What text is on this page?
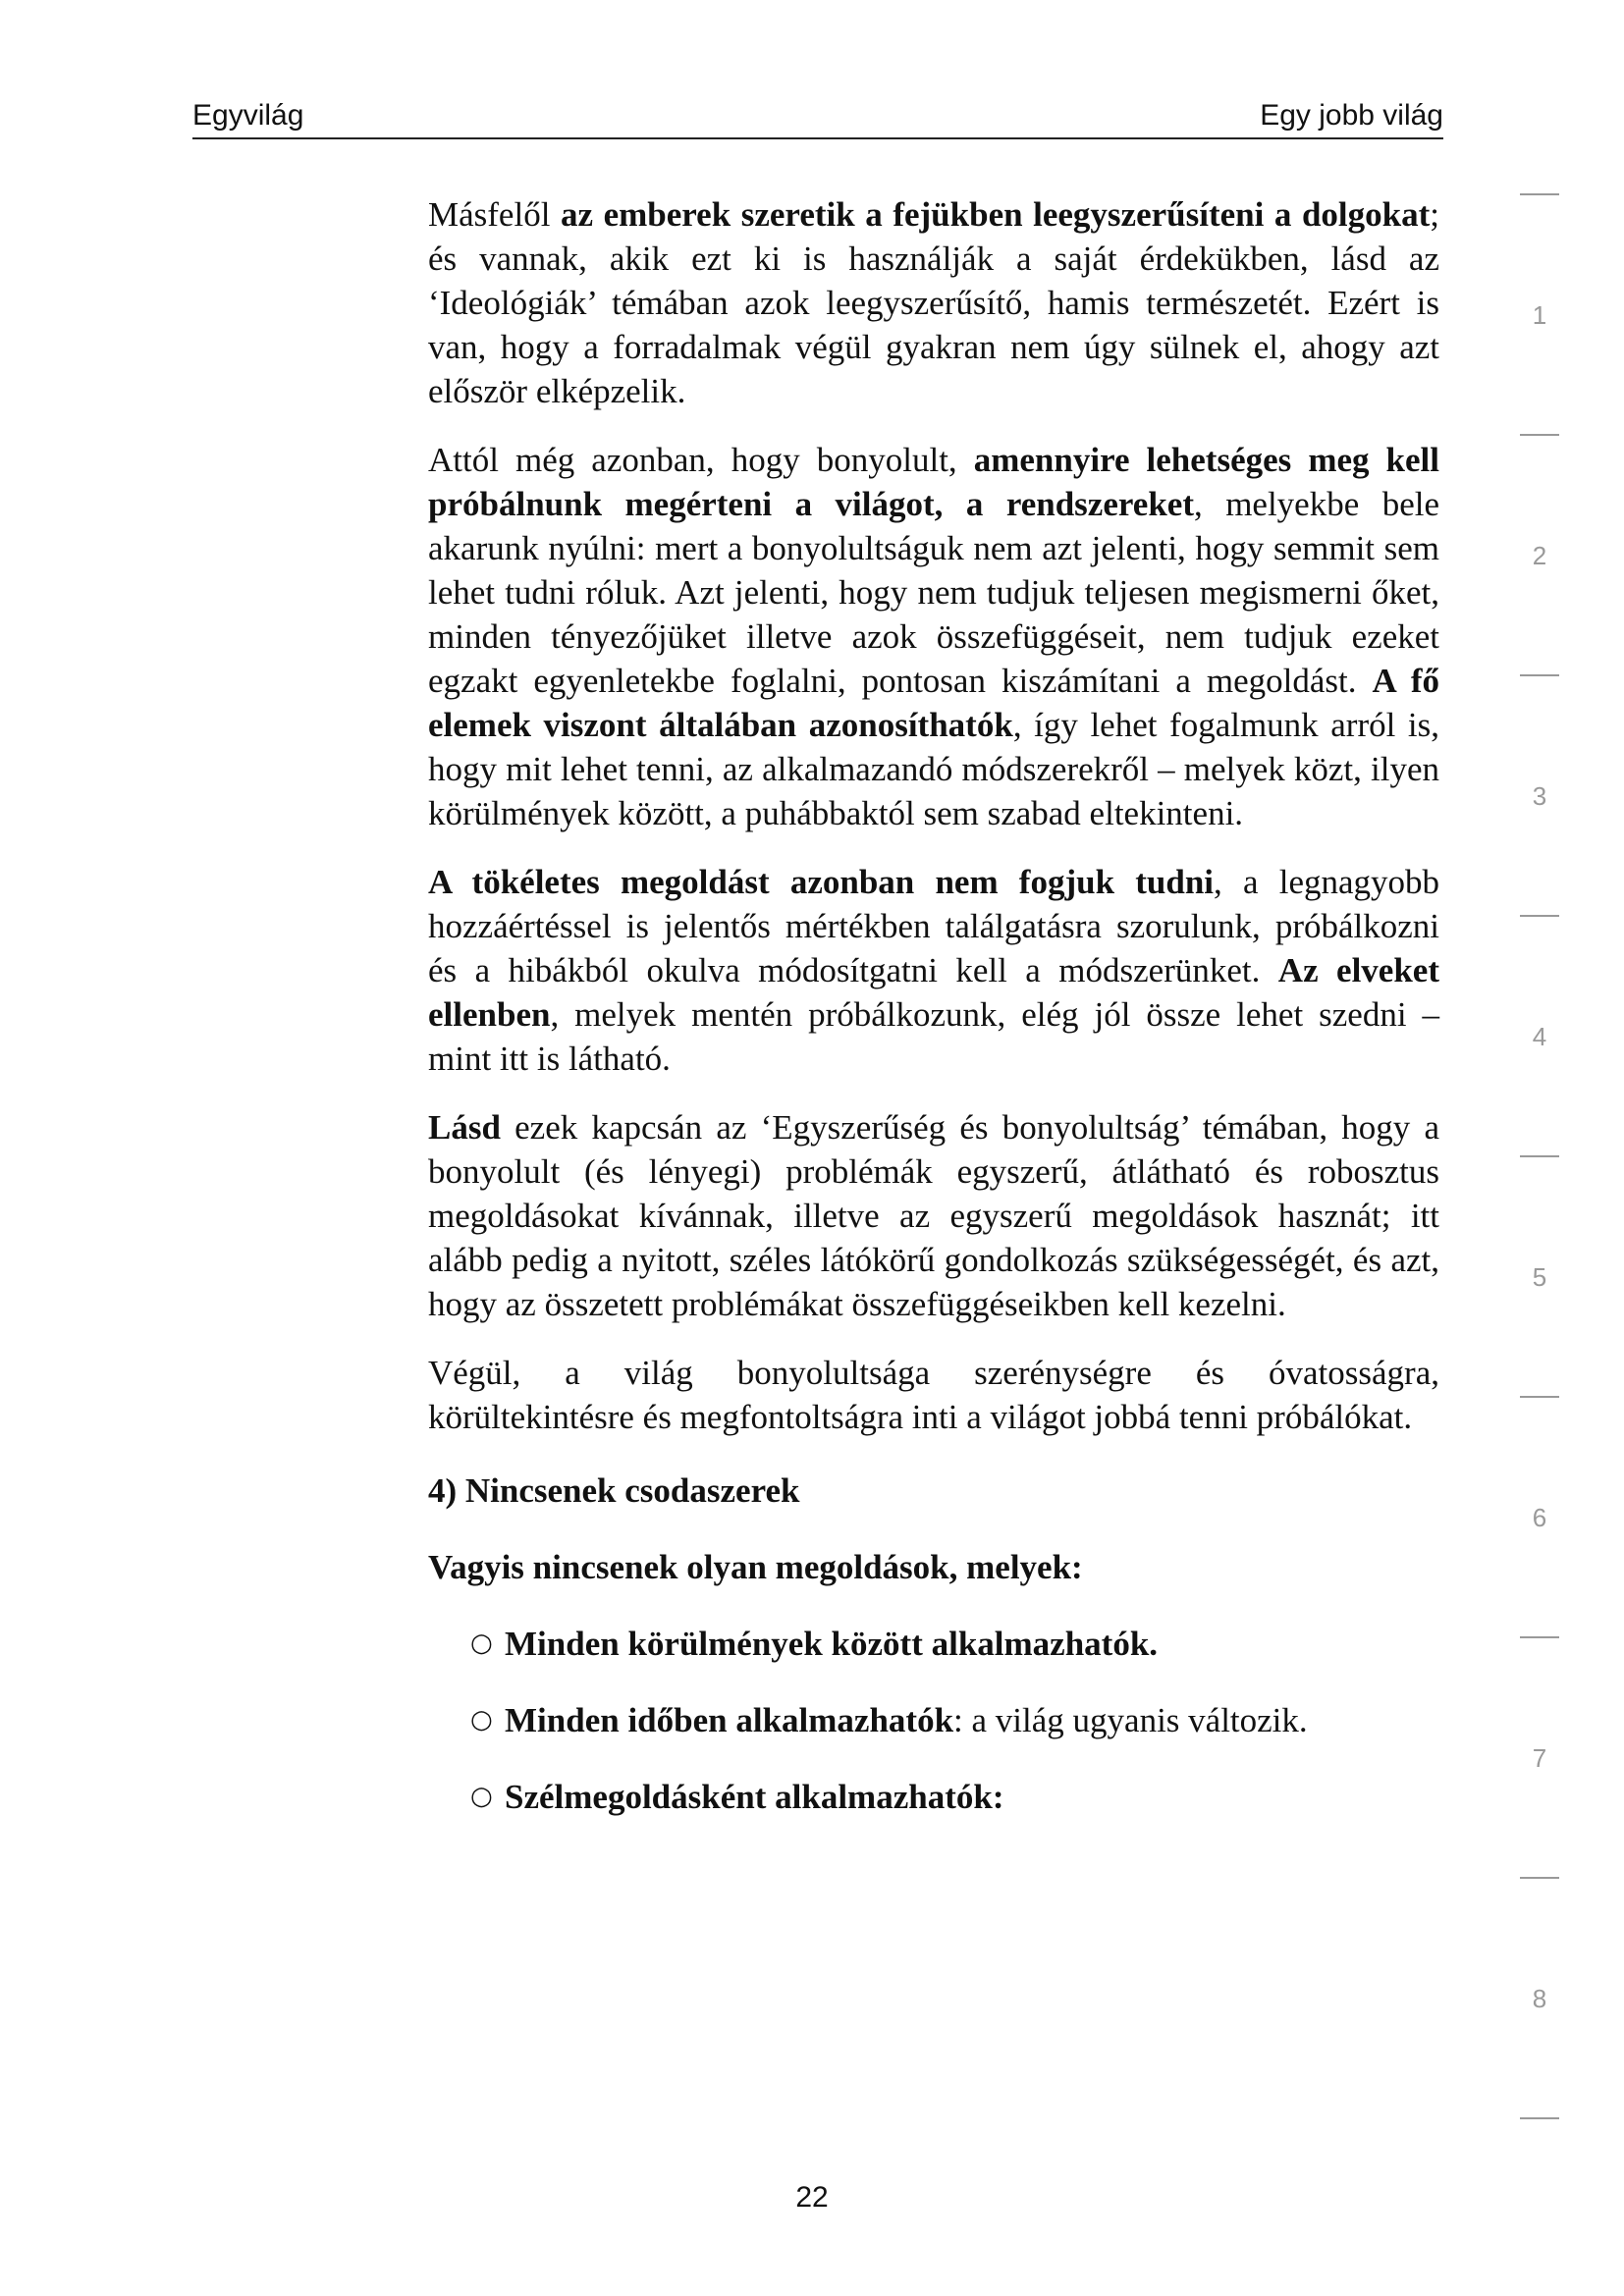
Egyvilág	Egy jobb világ

Másfelől az emberek szeretik a fejükben leegyszerűsíteni a dolgokat; és vannak, akik ezt ki is használják a saját érdekükben, lásd az ‘Ideológiák’ témában azok leegyszerűsítő, hamis természetét. Ezért is van, hogy a forradalmak végül gyakran nem úgy sülnek el, ahogy azt először elképzelik.

Attól még azonban, hogy bonyolult, amennyire lehetséges meg kell próbálnunk megérteni a világot, a rendszereket, melyekbe bele akarunk nyúlni: mert a bonyolultságuk nem azt jelenti, hogy semmit sem lehet tudni róluk. Azt jelenti, hogy nem tudjuk teljesen megismerni őket, minden tényezőjüket illetve azok összefüggéseit, nem tudjuk ezeket egzakt egyenletekbe foglalni, pontosan kiszámítani a megoldást. A fő elemek viszont általában azonosíthatók, így lehet fogalmunk arról is, hogy mit lehet tenni, az alkalmazandó módszerekről – melyek közt, ilyen körülmények között, a puhábbaktól sem szabad eltekinteni.

A tökéletes megoldást azonban nem fogjuk tudni, a legnagyobb hozzáértéssel is jelentős mértékben találgatásra szorulunk, próbálkozni és a hibákból okulva módosítgatni kell a módszerünket. Az elveket ellenben, melyek mentén próbálkozunk, elég jól össze lehet szedni – mint itt is látható.

Lásd ezek kapcsán az ‘Egyszerűség és bonyolultság’ témában, hogy a bonyolult (és lényegi) problémák egyszerű, átlátható és robosztus megoldásokat kívánnak, illetve az egyszerű megoldások hasznát; itt alább pedig a nyitott, széles látókörű gondolkozás szükségességét, és azt, hogy az összetett problémákat összefüggéseikben kell kezelni.

Végül, a világ bonyolultsága szerénységre és óvatosságra, körültekintésre és megfontoltságra inti a világot jobbá tenni próbálókat.

4) Nincsenek csodaszerek
Vagyis nincsenek olyan megoldások, melyek:
○ Minden körülmények között alkalmazhatók.
○ Minden időben alkalmazhatók: a világ ugyanis változik.
○ Szélmegoldásként alkalmazhatók:
1
2
3
4
5
6
7
8
22
